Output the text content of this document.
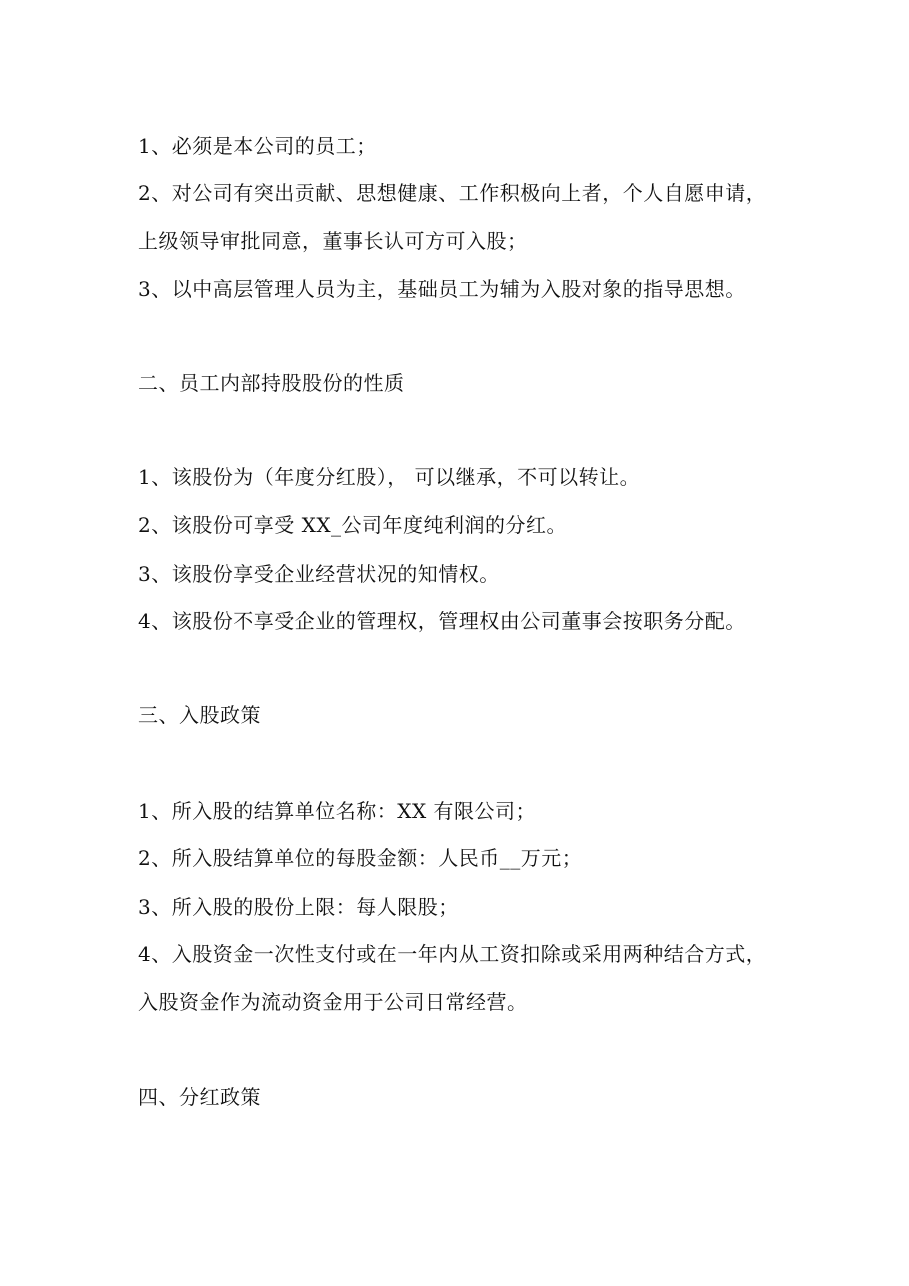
1、必须是本公司的员工；
2、对公司有突出贡献、思想健康、工作积极向上者，个人自愿申请，
上级领导审批同意，董事长认可方可入股；
3、以中高层管理人员为主，基础员工为辅为入股对象的指导思想。
二、员工内部持股股份的性质
1、该股份为（年度分红股）， 可以继承，不可以转让。
2、该股份可享受 XX_公司年度纯利润的分红。
3、该股份享受企业经营状况的知情权。
4、该股份不享受企业的管理权，管理权由公司董事会按职务分配。
三、入股政策
1、所入股的结算单位名称：XX 有限公司；
2、所入股结算单位的每股金额：人民币__万元；
3、所入股的股份上限：每人限股；
4、入股资金一次性支付或在一年内从工资扣除或采用两种结合方式，
入股资金作为流动资金用于公司日常经营。
四、分红政策
